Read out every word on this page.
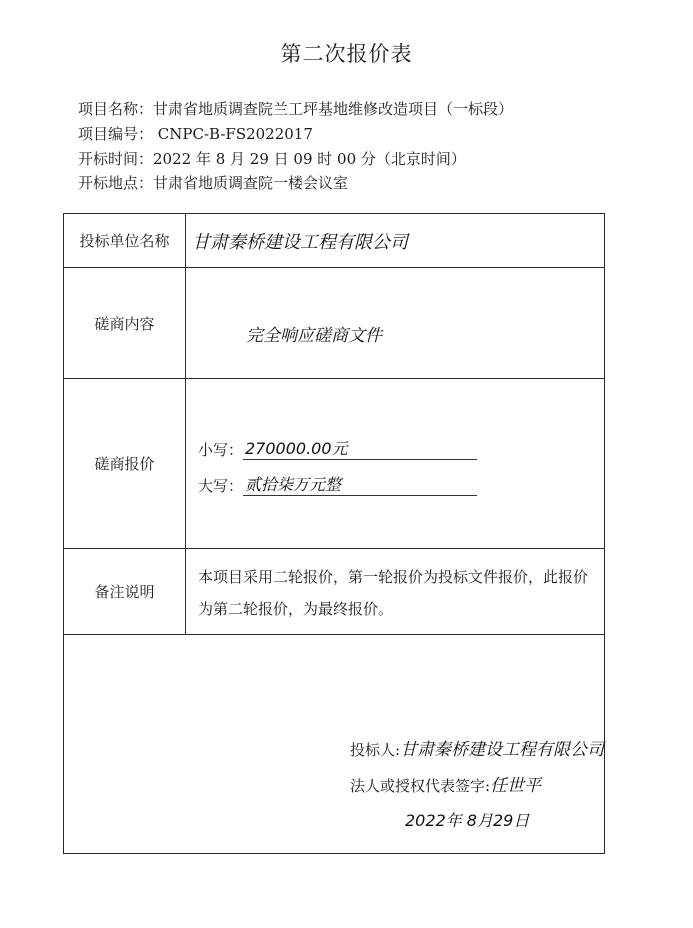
第二次报价表
项目名称：甘肃省地质调查院兰工坪基地维修改造项目（一标段）
项目编号： CNPC-B-FS2022017
开标时间：2022 年 8 月 29 日 09 时 00 分（北京时间）
开标地点：甘肃省地质调查院一楼会议室
投标单位名称	甘肃秦桥建设工程有限公司
磋商内容	完全响应磋商文件
磋商报价	小写： 270000.00元
大写： 贰拾柒万元整

备注说明	本项目采用二轮报价，第一轮报价为投标文件报价，此报价为第二轮报价，为最终报价。

投标人:甘肃秦桥建设工程有限公司
法人或授权代表签字:任世平
2022年 8月29日
